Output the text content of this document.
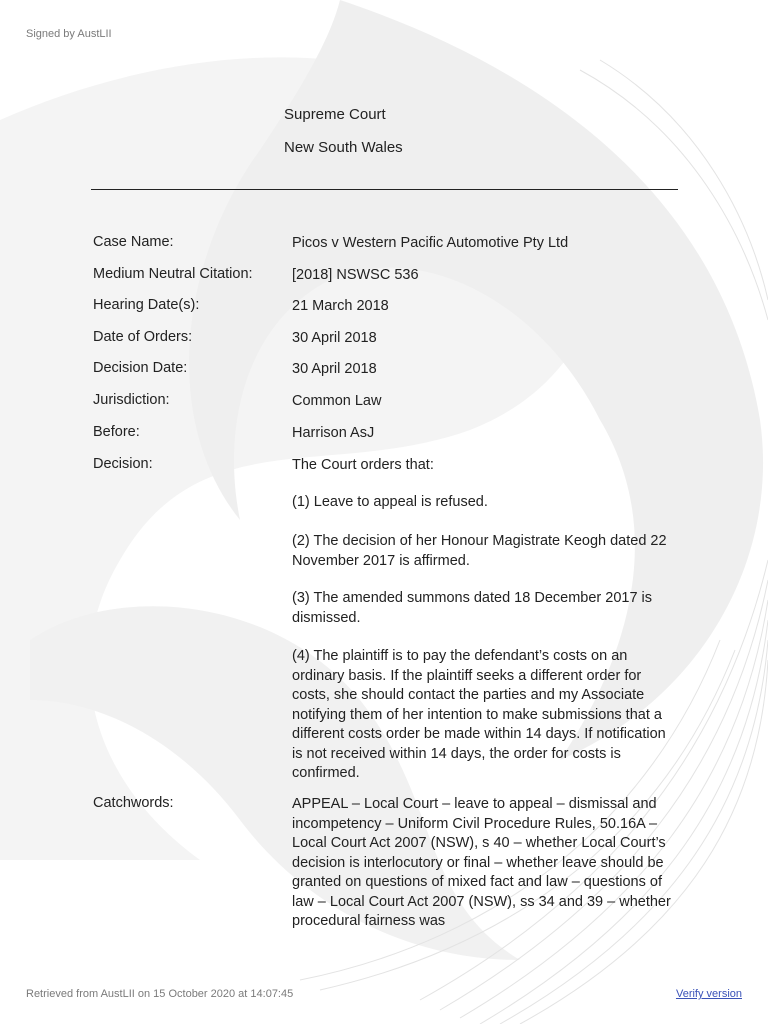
Signed by AustLII
Supreme Court
New South Wales
Case Name:	Picos v Western Pacific Automotive Pty Ltd
Medium Neutral Citation:	[2018] NSWSC 536
Hearing Date(s):	21 March 2018
Date of Orders:	30 April 2018
Decision Date:	30 April 2018
Jurisdiction:	Common Law
Before:	Harrison AsJ
Decision:	The Court orders that:
(1) Leave to appeal is refused.
(2) The decision of her Honour Magistrate Keogh dated 22 November 2017 is affirmed.
(3) The amended summons dated 18 December 2017 is dismissed.
(4) The plaintiff is to pay the defendant’s costs on an ordinary basis. If the plaintiff seeks a different order for costs, she should contact the parties and my Associate notifying them of her intention to make submissions that a different costs order be made within 14 days. If notification is not received within 14 days, the order for costs is confirmed.
Catchwords:	APPEAL – Local Court – leave to appeal – dismissal and incompetency – Uniform Civil Procedure Rules, 50.16A – Local Court Act 2007 (NSW), s 40 – whether Local Court’s decision is interlocutory or final – whether leave should be granted on questions of mixed fact and law – questions of law – Local Court Act 2007 (NSW), ss 34 and 39 – whether procedural fairness was
Retrieved from AustLII on 15 October 2020 at 14:07:45	Verify version
